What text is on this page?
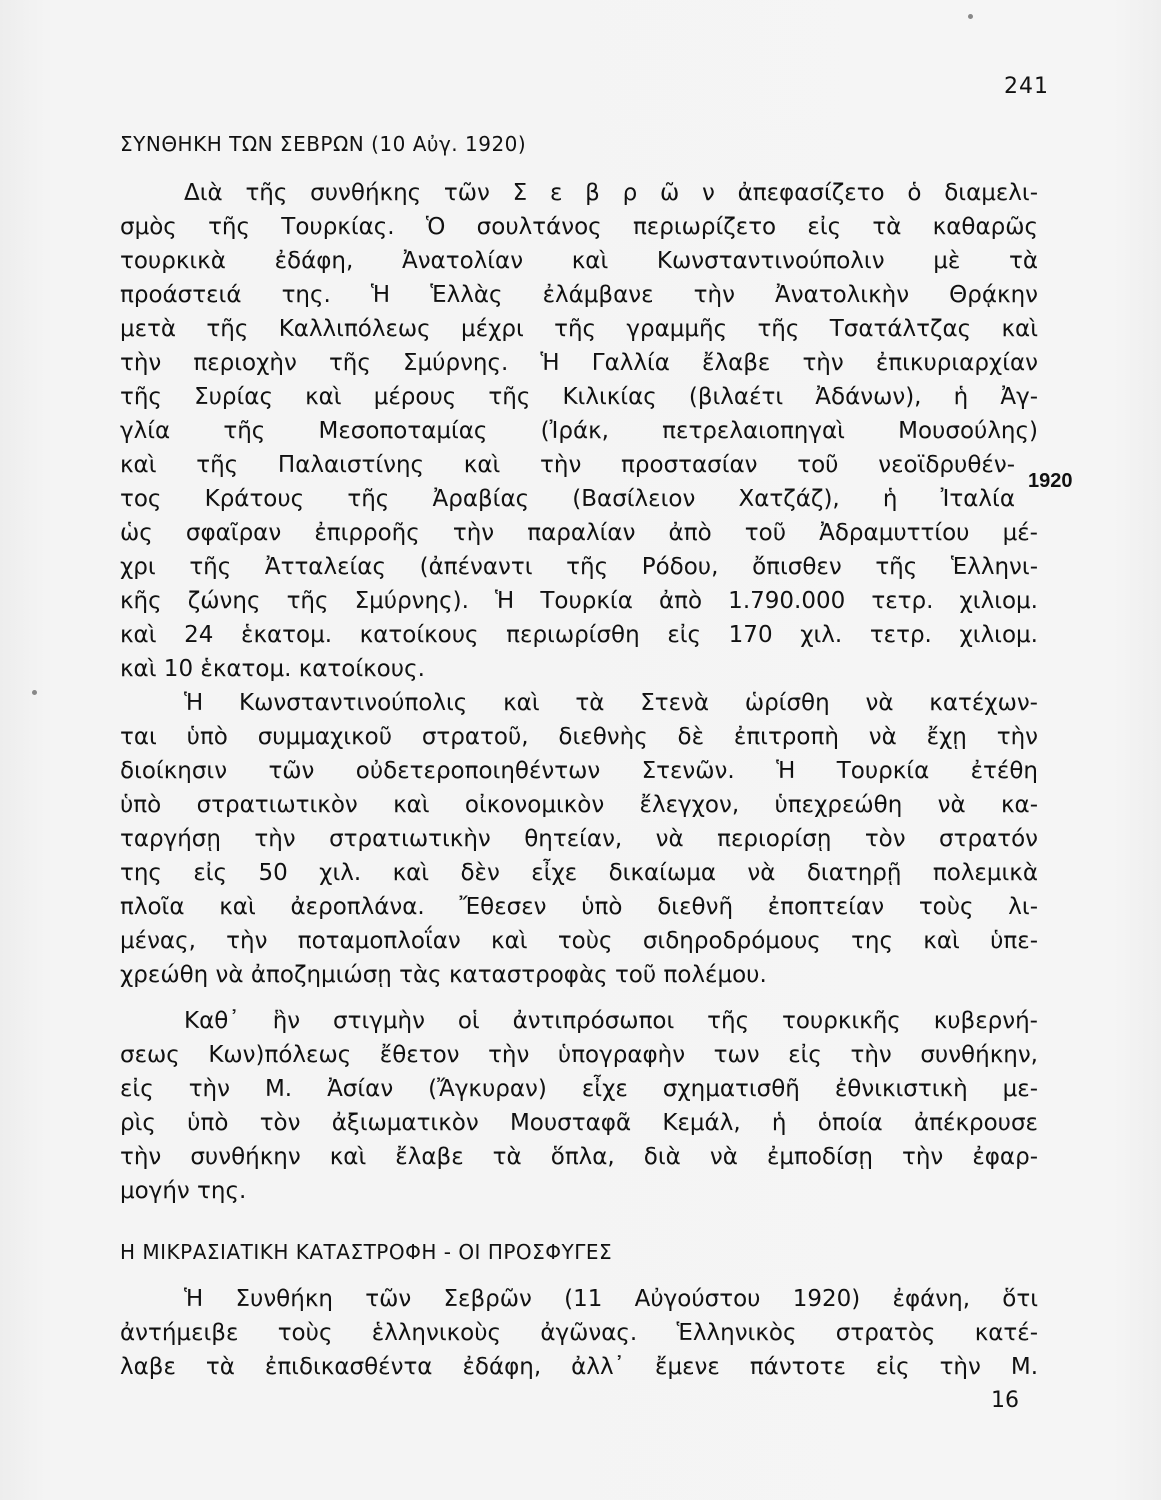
241
ΣΥΝΘΗΚΗ ΤΩΝ ΣΕΒΡΩΝ (10 Αὐγ. 1920)
Διὰ τῆς συνθήκης τῶν Σ ε β ρ ῶ ν ἀπεφασίζετο ὁ διαμελι-
σμὸς τῆς Τουρκίας. Ὁ σουλτάνος περιωρίζετο εἰς τὰ καθαρῶς
τουρκικὰ ἐδάφη, Ἀνατολίαν καὶ Κωνσταντινούπολιν μὲ τὰ
προάστειά της. Ἡ Ἑλλὰς ἐλάμβανε τὴν Ἀνατολικὴν Θρᾴκην
μετὰ τῆς Καλλιπόλεως μέχρι τῆς γραμμῆς τῆς Τσατάλτζας καὶ
τὴν περιοχὴν τῆς Σμύρνης. Ἡ Γαλλία ἔλαβε τὴν ἐπικυριαρχίαν
τῆς Συρίας καὶ μέρους τῆς Κιλικίας (βιλαέτι Ἀδάνων), ἡ Ἀγ-
γλία τῆς Μεσοποταμίας (Ἰράκ, πετρελαιοπηγαὶ Μουσούλης)
καὶ τῆς Παλαιστίνης καὶ τὴν προστασίαν τοῦ νεοϊδρυθέν-
τος Κράτους τῆς Ἀραβίας (Βασίλειον Χατζάζ), ἡ Ἰταλία
ὡς σφαῖραν ἐπιρροῆς τὴν παραλίαν ἀπὸ τοῦ Ἀδραμυττίου μέ-
χρι τῆς Ἀτταλείας (ἀπέναντι τῆς Ρόδου, ὄπισθεν τῆς Ἑλληνι-
κῆς ζώνης τῆς Σμύρνης). Ἡ Τουρκία ἀπὸ 1.790.000 τετρ. χιλιομ.
καὶ 24 ἑκατομ. κατοίκους περιωρίσθη εἰς 170 χιλ. τετρ. χιλιομ.
καὶ 10 ἑκατομ. κατοίκους.
Ἡ Κωνσταντινούπολις καὶ τὰ Στενὰ ὡρίσθη νὰ κατέχων-
ται ὑπὸ συμμαχικοῦ στρατοῦ, διεθνὴς δὲ ἐπιτροπὴ νὰ ἔχῃ τὴν
διοίκησιν τῶν οὐδετεροποιηθέντων Στενῶν. Ἡ Τουρκία ἐτέθη
ὑπὸ στρατιωτικὸν καὶ οἰκονομικὸν ἔλεγχον, ὑπεχρεώθη νὰ κα-
ταργήσῃ τὴν στρατιωτικὴν θητείαν, νὰ περιορίσῃ τὸν στρατόν
της εἰς 50 χιλ. καὶ δὲν εἶχε δικαίωμα νὰ διατηρῇ πολεμικὰ
πλοῖα καὶ ἀεροπλάνα. Ἔθεσεν ὑπὸ διεθνῆ ἐποπτείαν τοὺς λι-
μένας, τὴν ποταμοπλοΐαν καὶ τοὺς σιδηροδρόμους της καὶ ὑπε-
χρεώθη νὰ ἀποζημιώσῃ τὰς καταστροφὰς τοῦ πολέμου.
Καθ᾽ ἣν στιγμὴν οἱ ἀντιπρόσωποι τῆς τουρκικῆς κυβερνή-
σεως Κων)πόλεως ἔθετον τὴν ὑπογραφὴν των εἰς τὴν συνθήκην,
εἰς τὴν Μ. Ἀσίαν (Ἄγκυραν) εἶχε σχηματισθῆ ἐθνικιστικὴ με-
ρὶς ὑπὸ τὸν ἀξιωματικὸν Μουσταφᾶ Κεμάλ, ἡ ὁποία ἀπέκρουσε
τὴν συνθήκην καὶ ἔλαβε τὰ ὅπλα, διὰ νὰ ἐμποδίσῃ τὴν ἐφαρ-
μογήν της.
1920
Η ΜΙΚΡΑΣΙΑΤΙΚΗ ΚΑΤΑΣΤΡΟΦΗ - ΟΙ ΠΡΟΣΦΥΓΕΣ
Ἡ Συνθήκη τῶν Σεβρῶν (11 Αὐγούστου 1920) ἐφάνη, ὅτι
ἀντήμειβε τοὺς ἑλληνικοὺς ἀγῶνας. Ἑλληνικὸς στρατὸς κατέ-
λαβε τὰ ἐπιδικασθέντα ἐδάφη, ἀλλ᾽ ἔμενε πάντοτε εἰς τὴν Μ.
16
